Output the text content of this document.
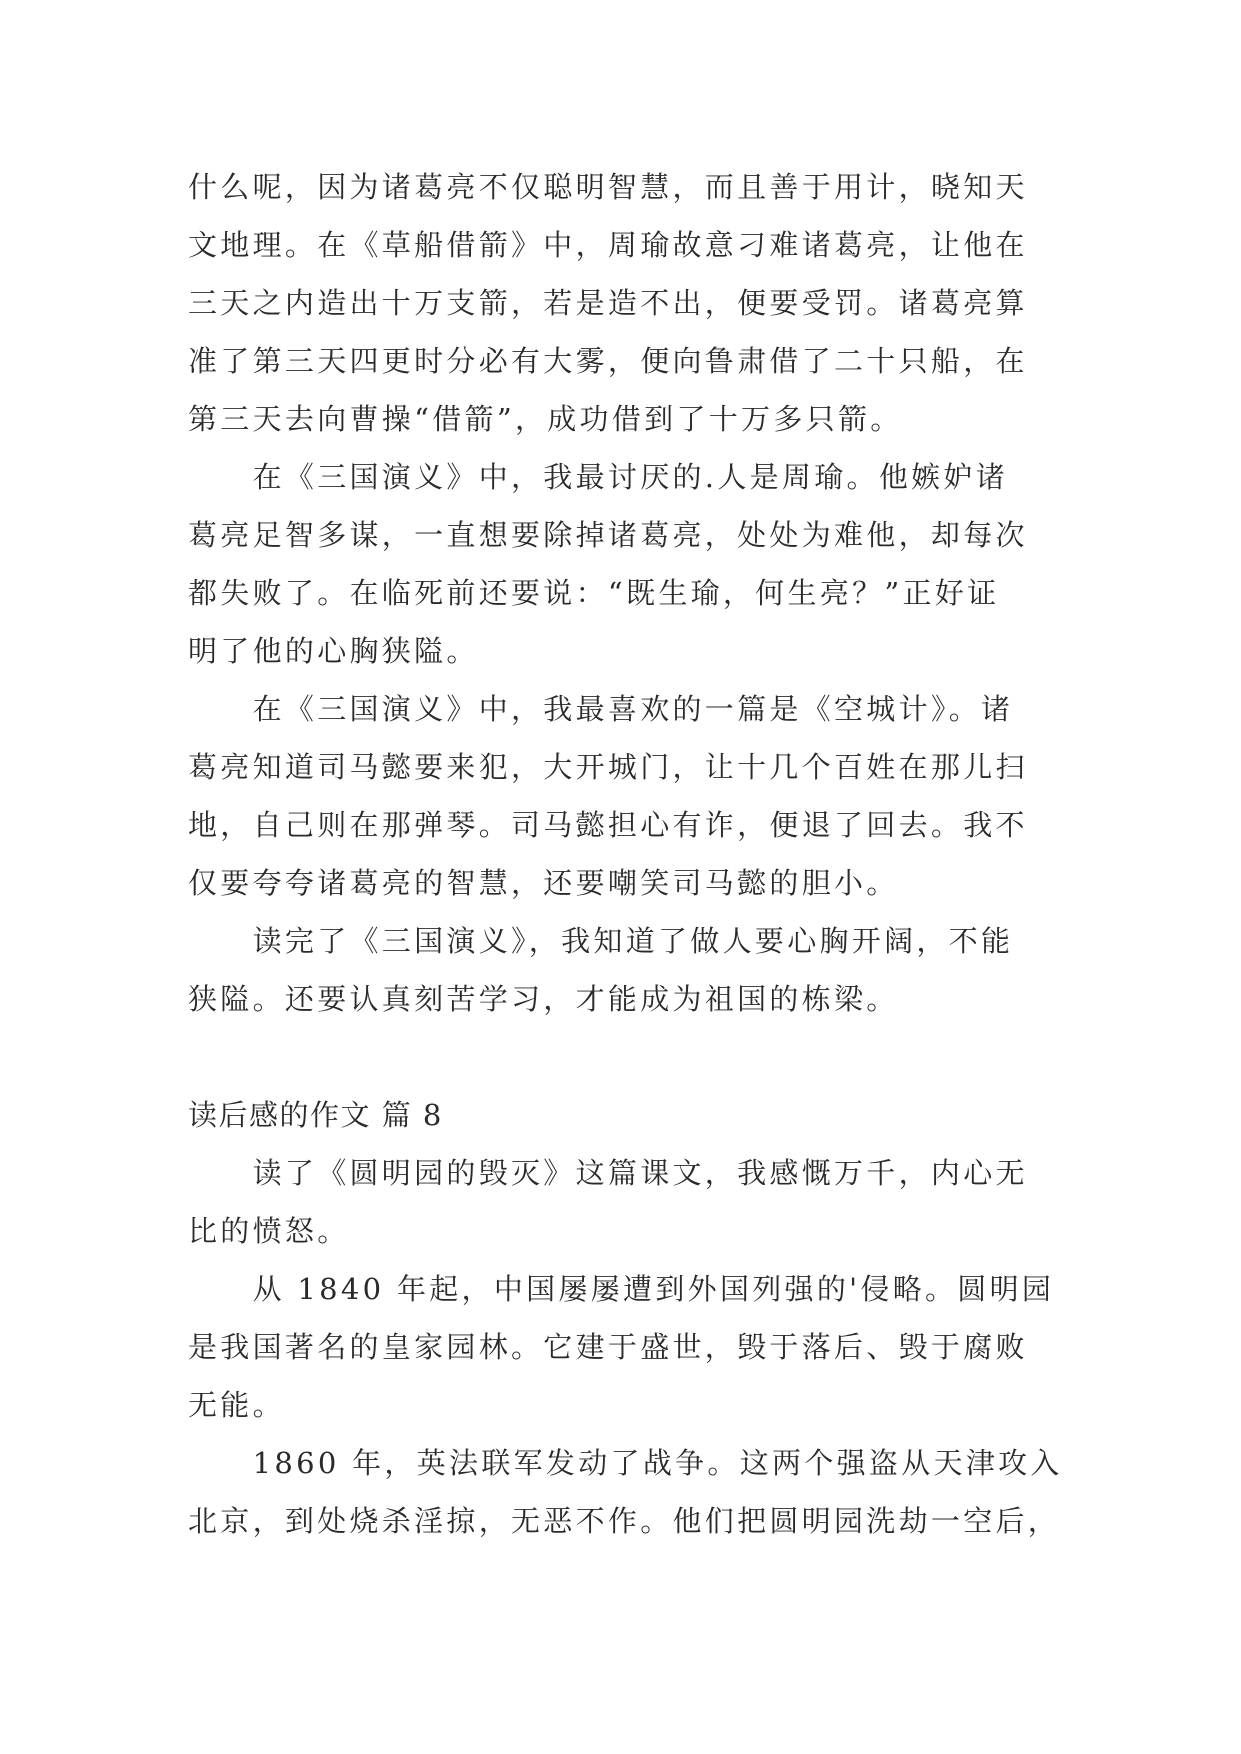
什么呢，因为诸葛亮不仅聪明智慧，而且善于用计，晓知天
文地理。在《草船借箭》中，周瑜故意刁难诸葛亮，让他在
三天之内造出十万支箭，若是造不出，便要受罚。诸葛亮算
准了第三天四更时分必有大雾，便向鲁肃借了二十只船，在
第三天去向曹操“借箭”，成功借到了十万多只箭。
　　在《三国演义》中，我最讨厌的.人是周瑜。他嫉妒诸
葛亮足智多谋，一直想要除掉诸葛亮，处处为难他，却每次
都失败了。在临死前还要说：“既生瑜，何生亮？”正好证
明了他的心胸狭隘。
　　在《三国演义》中，我最喜欢的一篇是《空城计》。诸
葛亮知道司马懿要来犯，大开城门，让十几个百姓在那儿扫
地，自己则在那弹琴。司马懿担心有诈，便退了回去。我不
仅要夸夸诸葛亮的智慧，还要嘲笑司马懿的胆小。
　　读完了《三国演义》，我知道了做人要心胸开阔，不能
狭隘。还要认真刻苦学习，才能成为祖国的栋梁。
读后感的作文 篇 8
　　读了《圆明园的毁灭》这篇课文，我感慨万千，内心无
比的愤怒。
　　从 1840 年起，中国屡屡遭到外国列强的'侵略。圆明园
是我国著名的皇家园林。它建于盛世，毁于落后、毁于腐败
无能。
　　1860 年，英法联军发动了战争。这两个强盗从天津攻入
北京，到处烧杀淫掠，无恶不作。他们把圆明园洗劫一空后，
